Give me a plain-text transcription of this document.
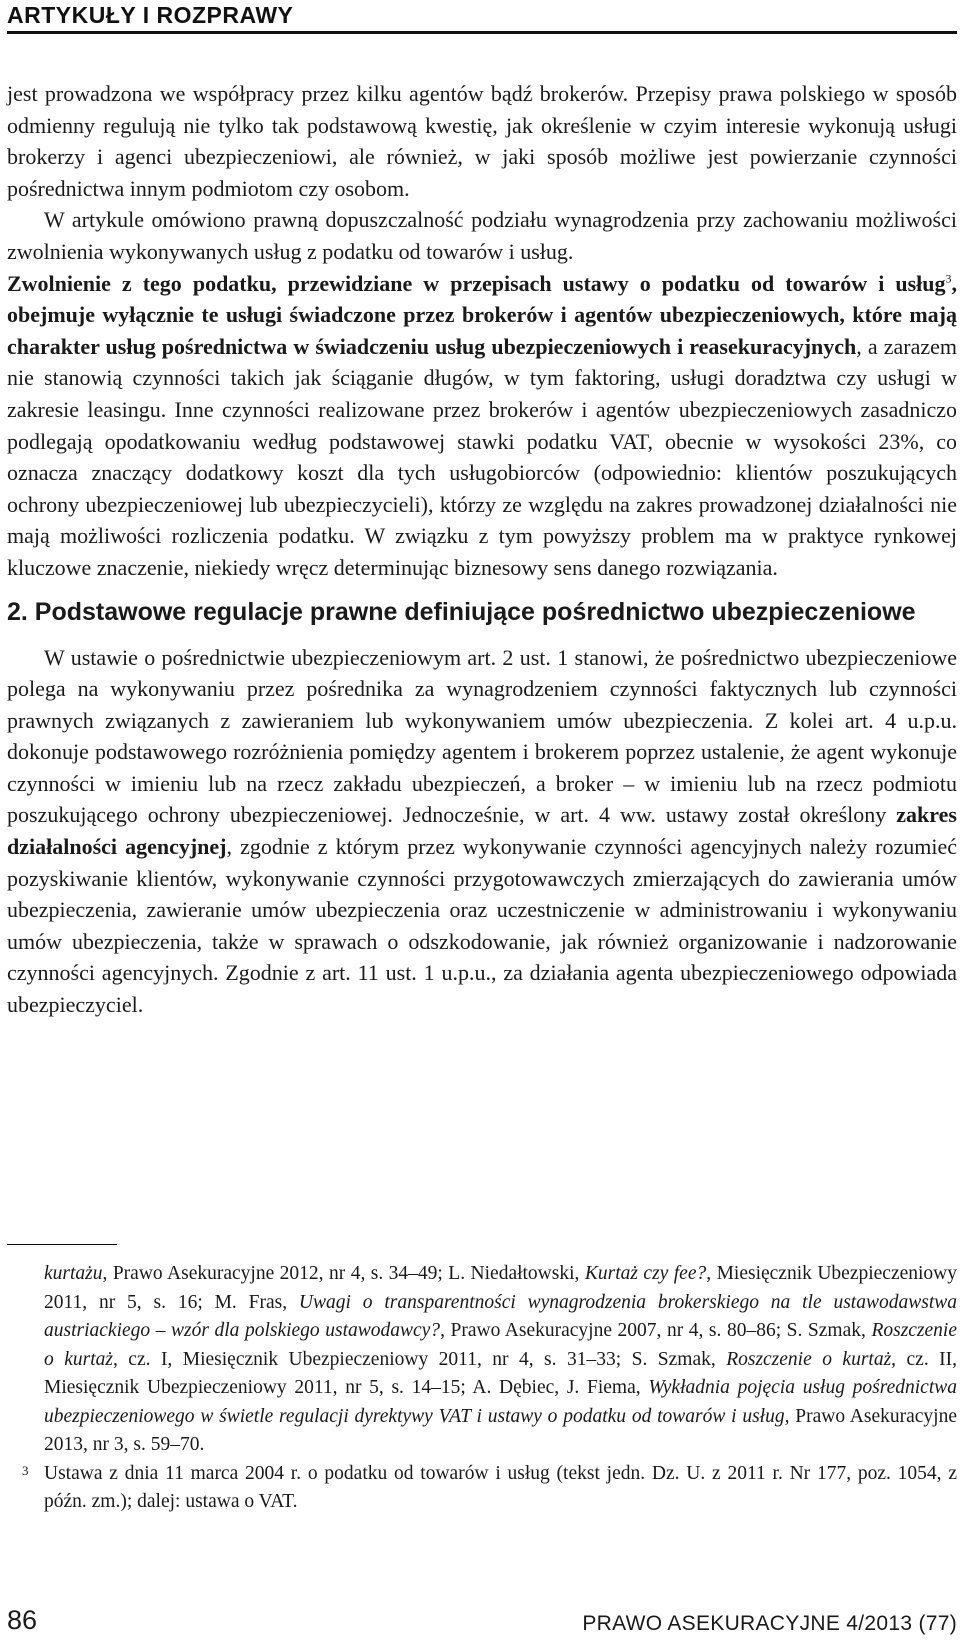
ARTYKUŁY I ROZPRAWY

jest prowadzona we współpracy przez kilku agentów bądź brokerów. Przepisy prawa polskiego w sposób odmienny regulują nie tylko tak podstawową kwestię, jak określenie w czyim interesie wykonują usługi brokerzy i agenci ubezpieczeniowi, ale również, w jaki sposób możliwe jest powierzanie czynności pośrednictwa innym podmiotom czy osobom.

W artykule omówiono prawną dopuszczalność podziału wynagrodzenia przy zachowaniu możliwości zwolnienia wykonywanych usług z podatku od towarów i usług.

Zwolnienie z tego podatku, przewidziane w przepisach ustawy o podatku od towarów i usług$^3$, obejmuje wyłącznie te usługi świadczone przez brokerów i agentów ubezpieczeniowych, które mają charakter usług pośrednictwa w świadczeniu usług ubezpieczeniowych i reasekuracyjnych, a zarazem nie stanowią czynności takich jak ściąganie długów, w tym faktoring, usługi doradztwa czy usługi w zakresie leasingu. Inne czynności realizowane przez brokerów i agentów ubezpieczeniowych zasadniczo podlegają opodatkowaniu według podstawowej stawki podatku VAT, obecnie w wysokości 23%, co oznacza znaczący dodatkowy koszt dla tych usługobiorców (odpowiednio: klientów poszukujących ochrony ubezpieczeniowej lub ubezpieczycieli), którzy ze względu na zakres prowadzonej działalności nie mają możliwości rozliczenia podatku. W związku z tym powyższy problem ma w praktyce rynkowej kluczowe znaczenie, niekiedy wręcz determinując biznesowy sens danego rozwiązania.

2. Podstawowe regulacje prawne definiujące pośrednictwo ubezpieczeniowe

W ustawie o pośrednictwie ubezpieczeniowym art. 2 ust. 1 stanowi, że pośrednictwo ubezpieczeniowe polega na wykonywaniu przez pośrednika za wynagrodzeniem czynności faktycznych lub czynności prawnych związanych z zawieraniem lub wykonywaniem umów ubezpieczenia. Z kolei art. 4 u.p.u. dokonuje podstawowego rozróżnienia pomiędzy agentem i brokerem poprzez ustalenie, że agent wykonuje czynności w imieniu lub na rzecz zakładu ubezpieczeń, a broker – w imieniu lub na rzecz podmiotu poszukującego ochrony ubezpieczeniowej. Jednocześnie, w art. 4 ww. ustawy został określony zakres działalności agencyjnej, zgodnie z którym przez wykonywanie czynności agencyjnych należy rozumieć pozyskiwanie klientów, wykonywanie czynności przygotowawczych zmierzających do zawierania umów ubezpieczenia, zawieranie umów ubezpieczenia oraz uczestniczenie w administrowaniu i wykonywaniu umów ubezpieczenia, także w sprawach o odszkodowanie, jak również organizowanie i nadzorowanie czynności agencyjnych. Zgodnie z art. 11 ust. 1 u.p.u., za działania agenta ubezpieczeniowego odpowiada ubezpieczyciel.

kurtażu, Prawo Asekuracyjne 2012, nr 4, s. 34–49; L. Niedałtowski, Kurtaż czy fee?, Miesięcznik Ubezpieczeniowy 2011, nr 5, s. 16; M. Fras, Uwagi o transparentności wynagrodzenia brokerskiego na tle ustawodawstwa austriackiego – wzór dla polskiego ustawodawcy?, Prawo Asekuracyjne 2007, nr 4, s. 80–86; S. Szmak, Roszczenie o kurtaż, cz. I, Miesięcznik Ubezpieczeniowy 2011, nr 4, s. 31–33; S. Szmak, Roszczenie o kurtaż, cz. II, Miesięcznik Ubezpieczeniowy 2011, nr 5, s. 14–15; A. Dębiec, J. Fiema, Wykładnia pojęcia usług pośrednictwa ubezpieczeniowego w świetle regulacji dyrektywy VAT i ustawy o podatku od towarów i usług, Prawo Asekuracyjne 2013, nr 3, s. 59–70.

3 Ustawa z dnia 11 marca 2004 r. o podatku od towarów i usług (tekst jedn. Dz. U. z 2011 r. Nr 177, poz. 1054, z późn. zm.); dalej: ustawa o VAT.

86	PRAWO ASEKURACYJNE 4/2013 (77)
